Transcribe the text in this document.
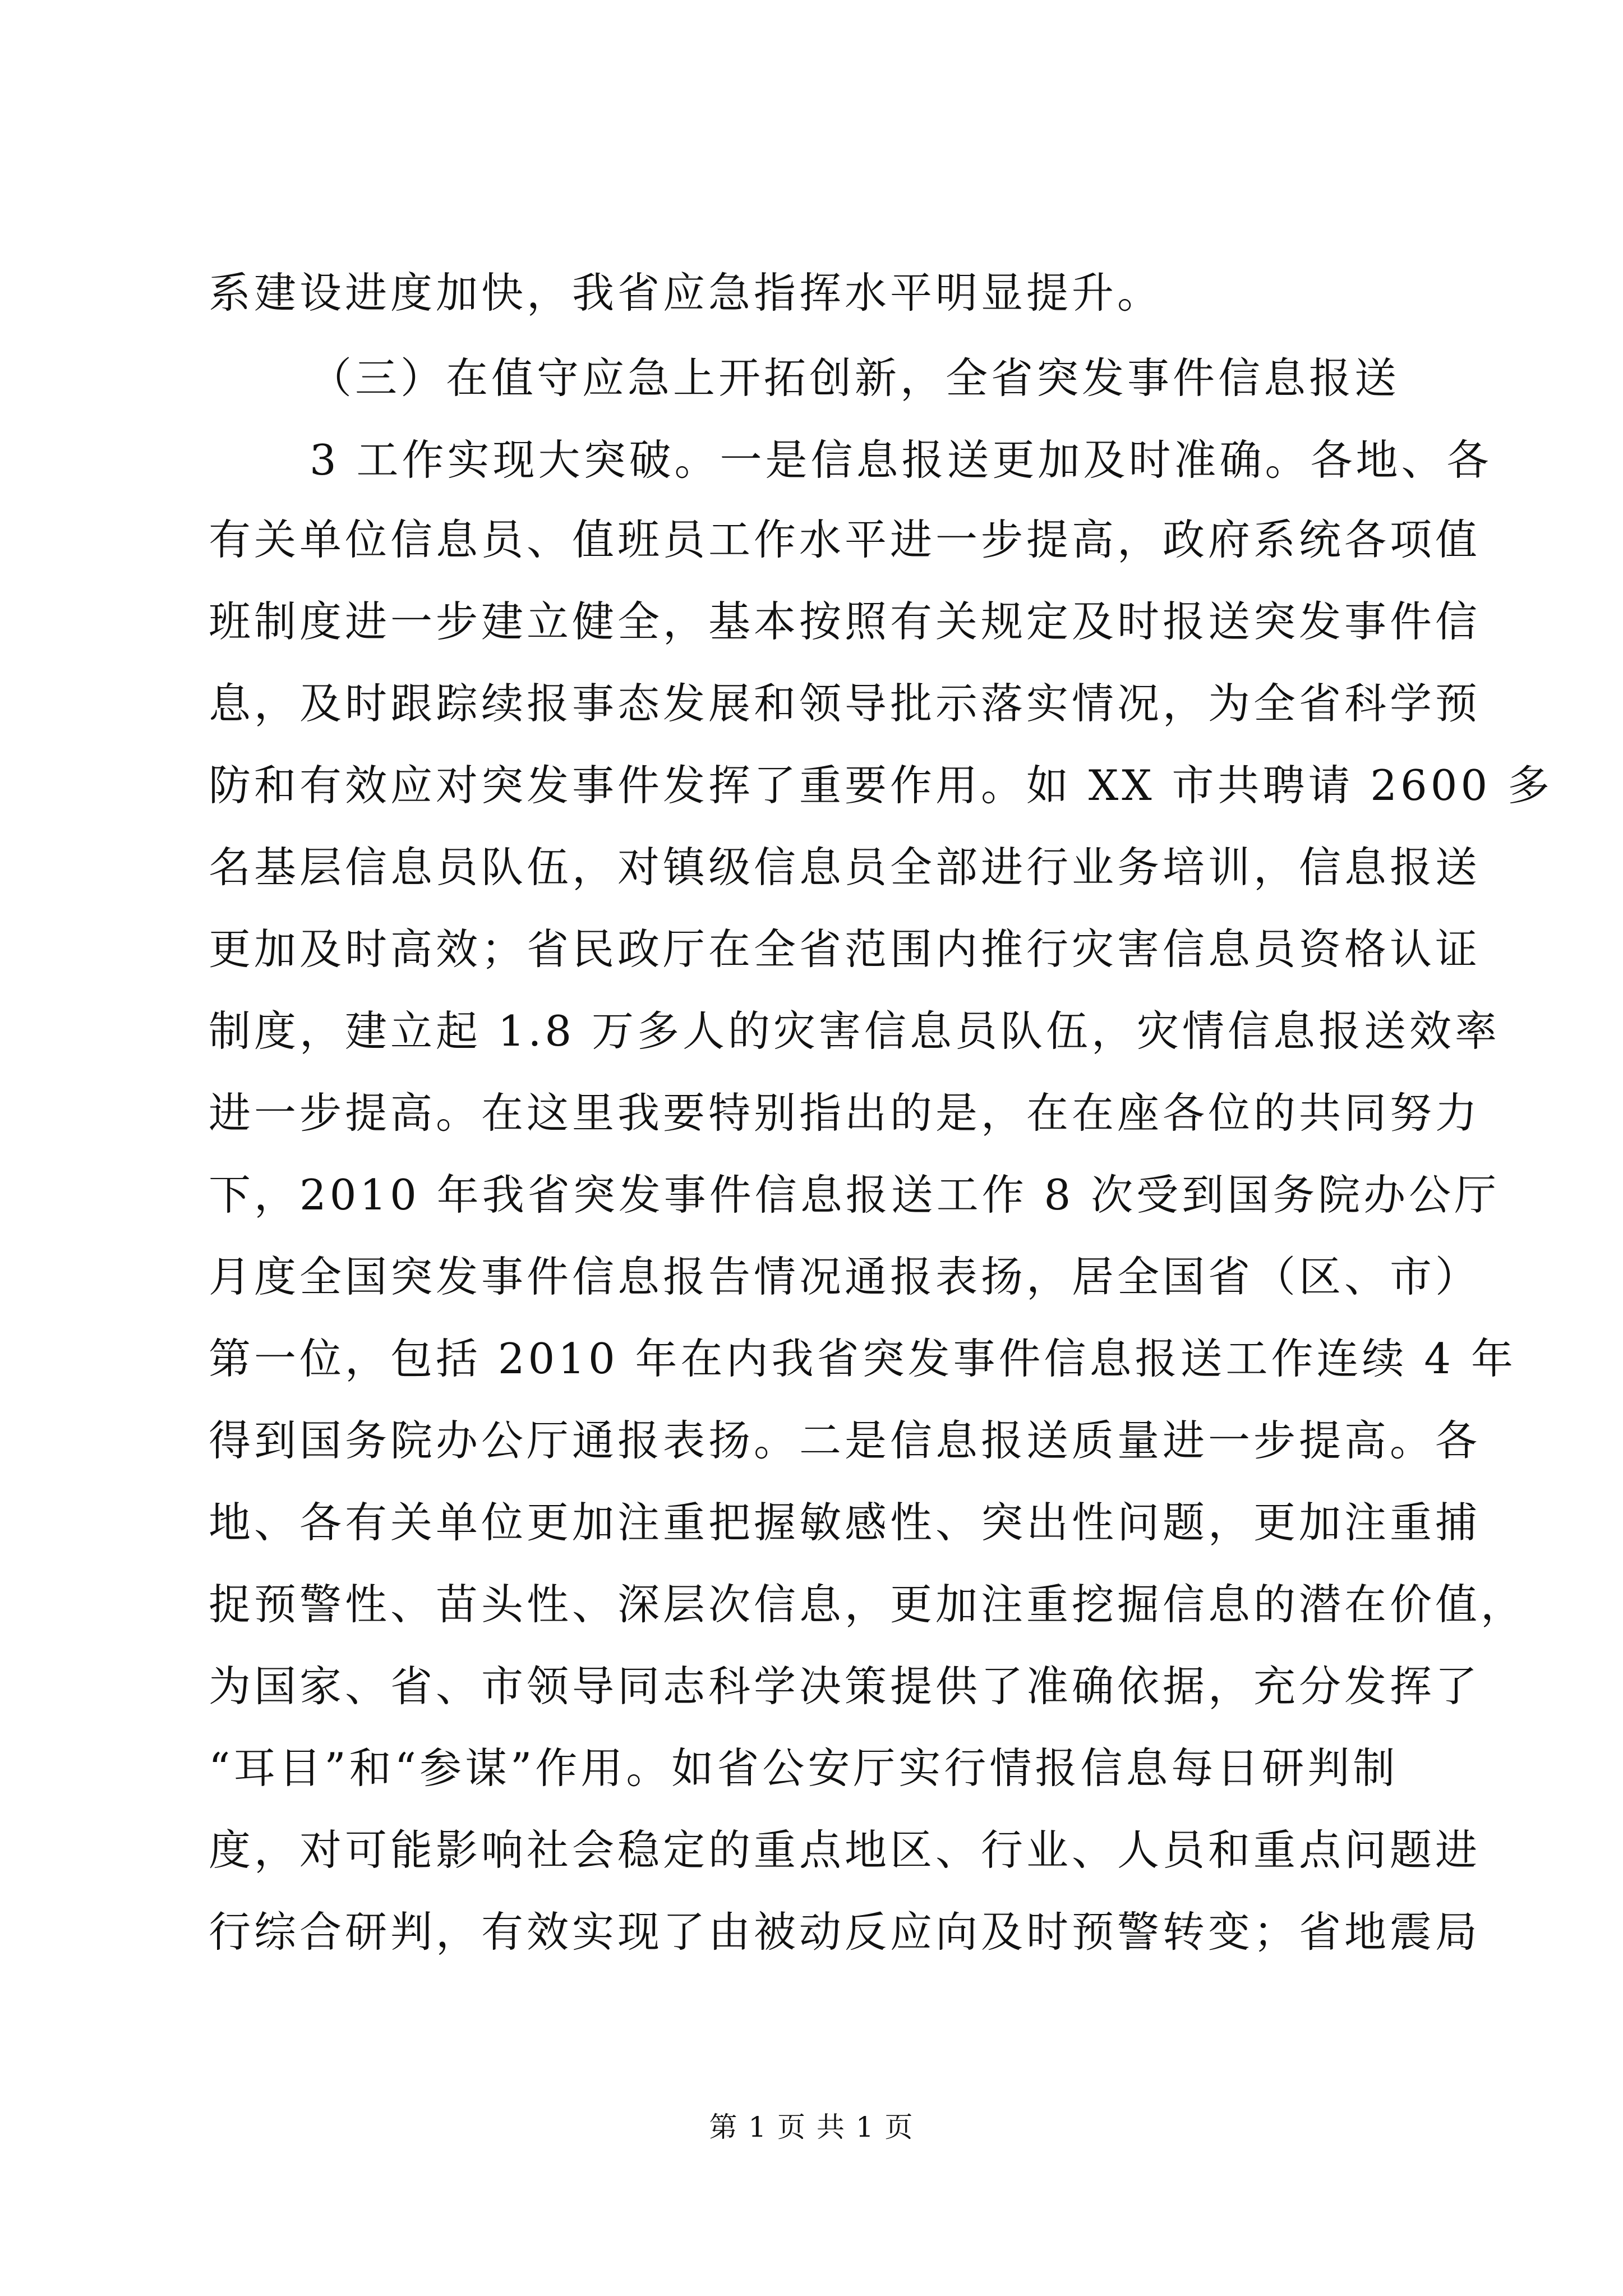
系建设进度加快，我省应急指挥水平明显提升。
（三）在值守应急上开拓创新，全省突发事件信息报送
3 工作实现大突破。一是信息报送更加及时准确。各地、各
有关单位信息员、值班员工作水平进一步提高，政府系统各项值
班制度进一步建立健全，基本按照有关规定及时报送突发事件信
息，及时跟踪续报事态发展和领导批示落实情况，为全省科学预
防和有效应对突发事件发挥了重要作用。如 XX 市共聘请 2600 多
名基层信息员队伍，对镇级信息员全部进行业务培训，信息报送
更加及时高效；省民政厅在全省范围内推行灾害信息员资格认证
制度，建立起 1.8 万多人的灾害信息员队伍，灾情信息报送效率
进一步提高。在这里我要特别指出的是，在在座各位的共同努力
下，2010 年我省突发事件信息报送工作 8 次受到国务院办公厅
月度全国突发事件信息报告情况通报表扬，居全国省（区、市）
第一位，包括 2010 年在内我省突发事件信息报送工作连续 4 年
得到国务院办公厅通报表扬。二是信息报送质量进一步提高。各
地、各有关单位更加注重把握敏感性、突出性问题，更加注重捕
捉预警性、苗头性、深层次信息，更加注重挖掘信息的潜在价值，
为国家、省、市领导同志科学决策提供了准确依据，充分发挥了
“耳目”和“参谋”作用。如省公安厅实行情报信息每日研判制
度，对可能影响社会稳定的重点地区、行业、人员和重点问题进
行综合研判，有效实现了由被动反应向及时预警转变；省地震局
第 1 页 共 1 页
